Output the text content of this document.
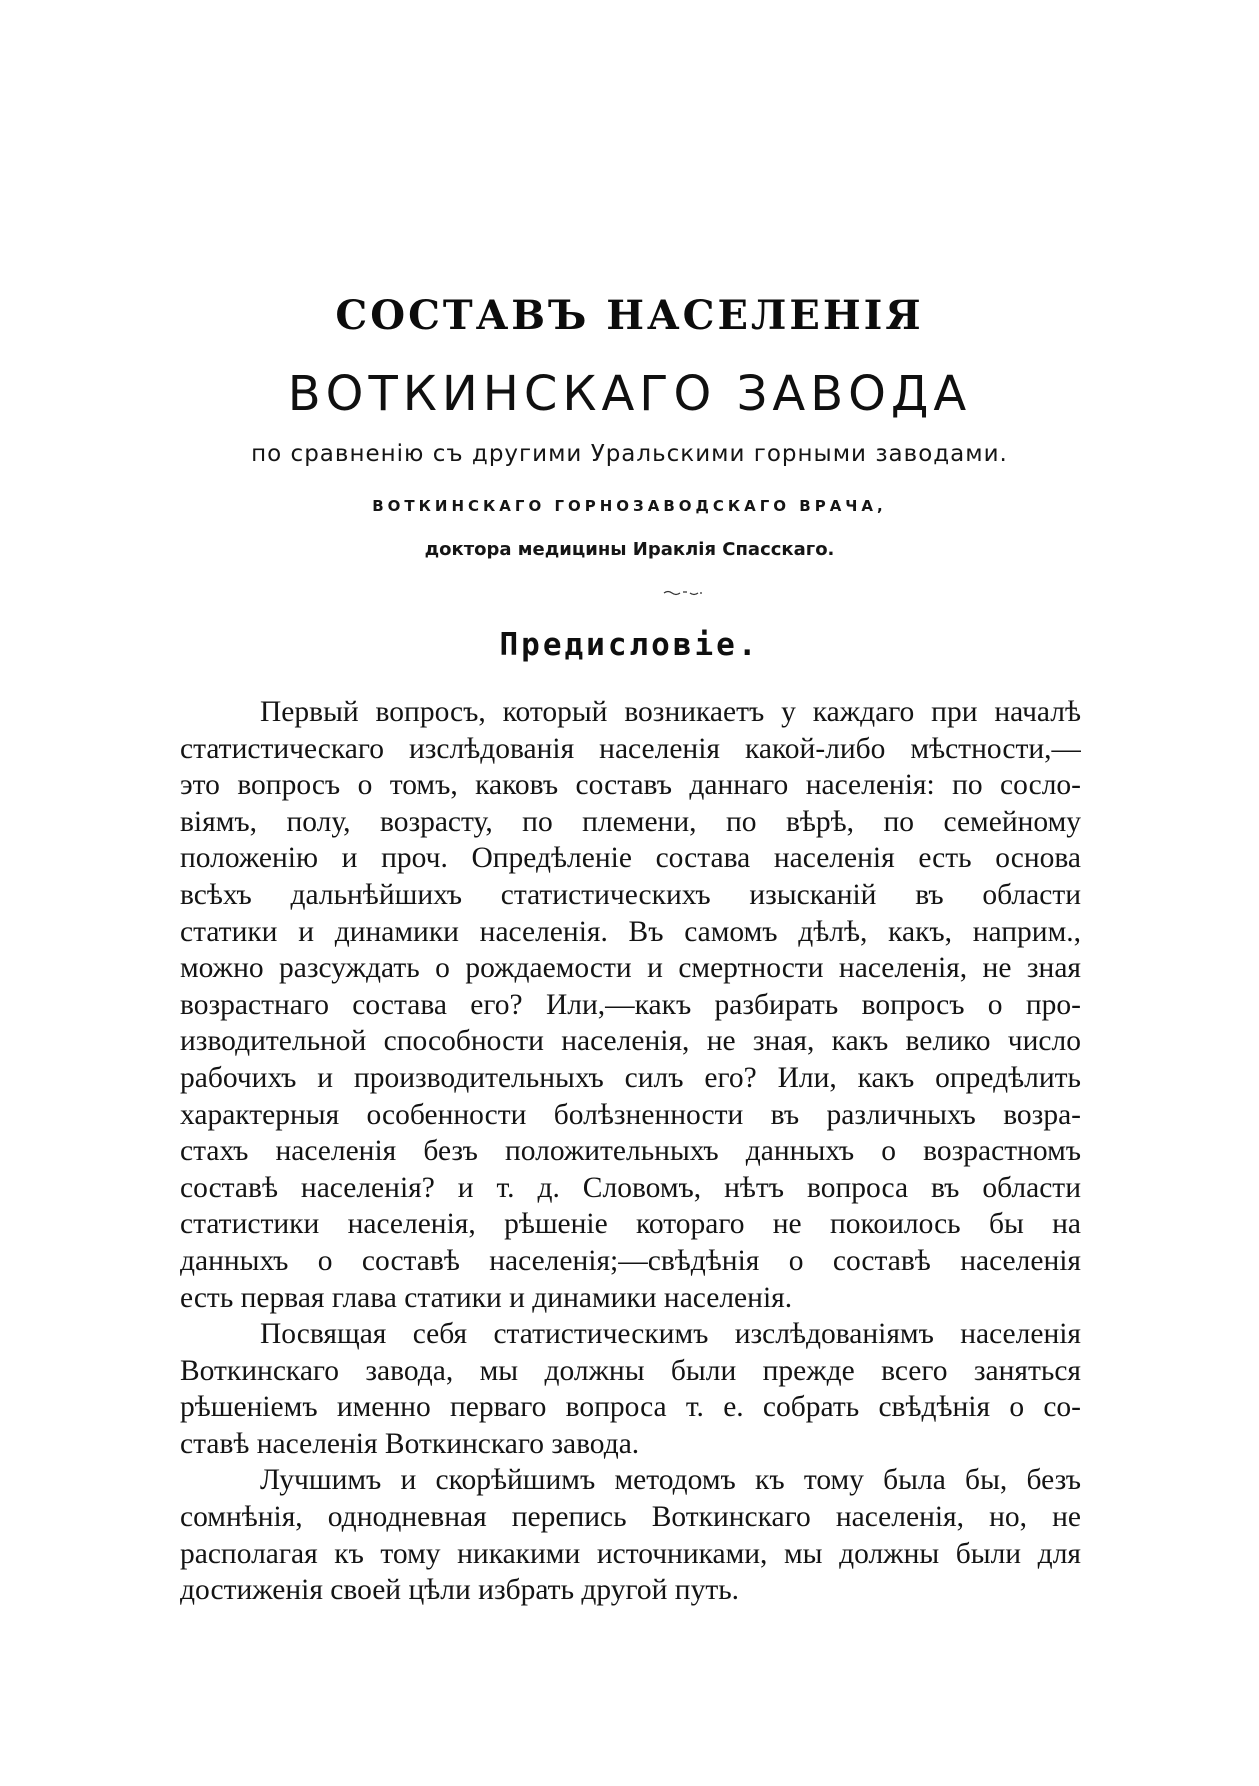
СОСТАВЪ НАСЕЛЕНІЯ
ВОТКИНСКАГО ЗАВОДА
по сравненію съ другими Уральскими горными заводами.
ВОТКИНСКАГО ГОРНОЗАВОДСКАГО ВРАЧА,
доктора медицины Ираклія Спасскаго.
Предисловіе.
Первый вопросъ, который возникаетъ у каждаго при началѣ
статистическаго изслѣдованія населенія какой-либо мѣстности,—
это вопросъ о томъ, каковъ составъ даннаго населенія: по сосло-
віямъ, полу, возрасту, по племени, по вѣрѣ, по семейному
положенію и проч. Опредѣленіе состава населенія есть основа
всѣхъ дальнѣйшихъ статистическихъ изысканій въ области
статики и динамики населенія. Въ самомъ дѣлѣ, какъ, наприм.,
можно разсуждать о рождаемости и смертности населенія, не зная
возрастнаго состава его? Или,—какъ разбирать вопросъ о про-
изводительной способности населенія, не зная, какъ велико число
рабочихъ и производительныхъ силъ его? Или, какъ опредѣлить
характерныя особенности болѣзненности въ различныхъ возра-
стахъ населенія безъ положительныхъ данныхъ о возрастномъ
составѣ населенія? и т. д. Словомъ, нѣтъ вопроса въ области
статистики населенія, рѣшеніе котораго не покоилось бы на
данныхъ о составѣ населенія;—свѣдѣнія о составѣ населенія
есть первая глава статики и динамики населенія.
Посвящая себя статистическимъ изслѣдованіямъ населенія
Воткинскаго завода, мы должны были прежде всего заняться
рѣшеніемъ именно перваго вопроса т. е. собрать свѣдѣнія о со-
ставѣ населенія Воткинскаго завода.
Лучшимъ и скорѣйшимъ методомъ къ тому была бы, безъ
сомнѣнія, однодневная перепись Воткинскаго населенія, но, не
располагая къ тому никакими источниками, мы должны были для
достиженія своей цѣли избрать другой путь.
